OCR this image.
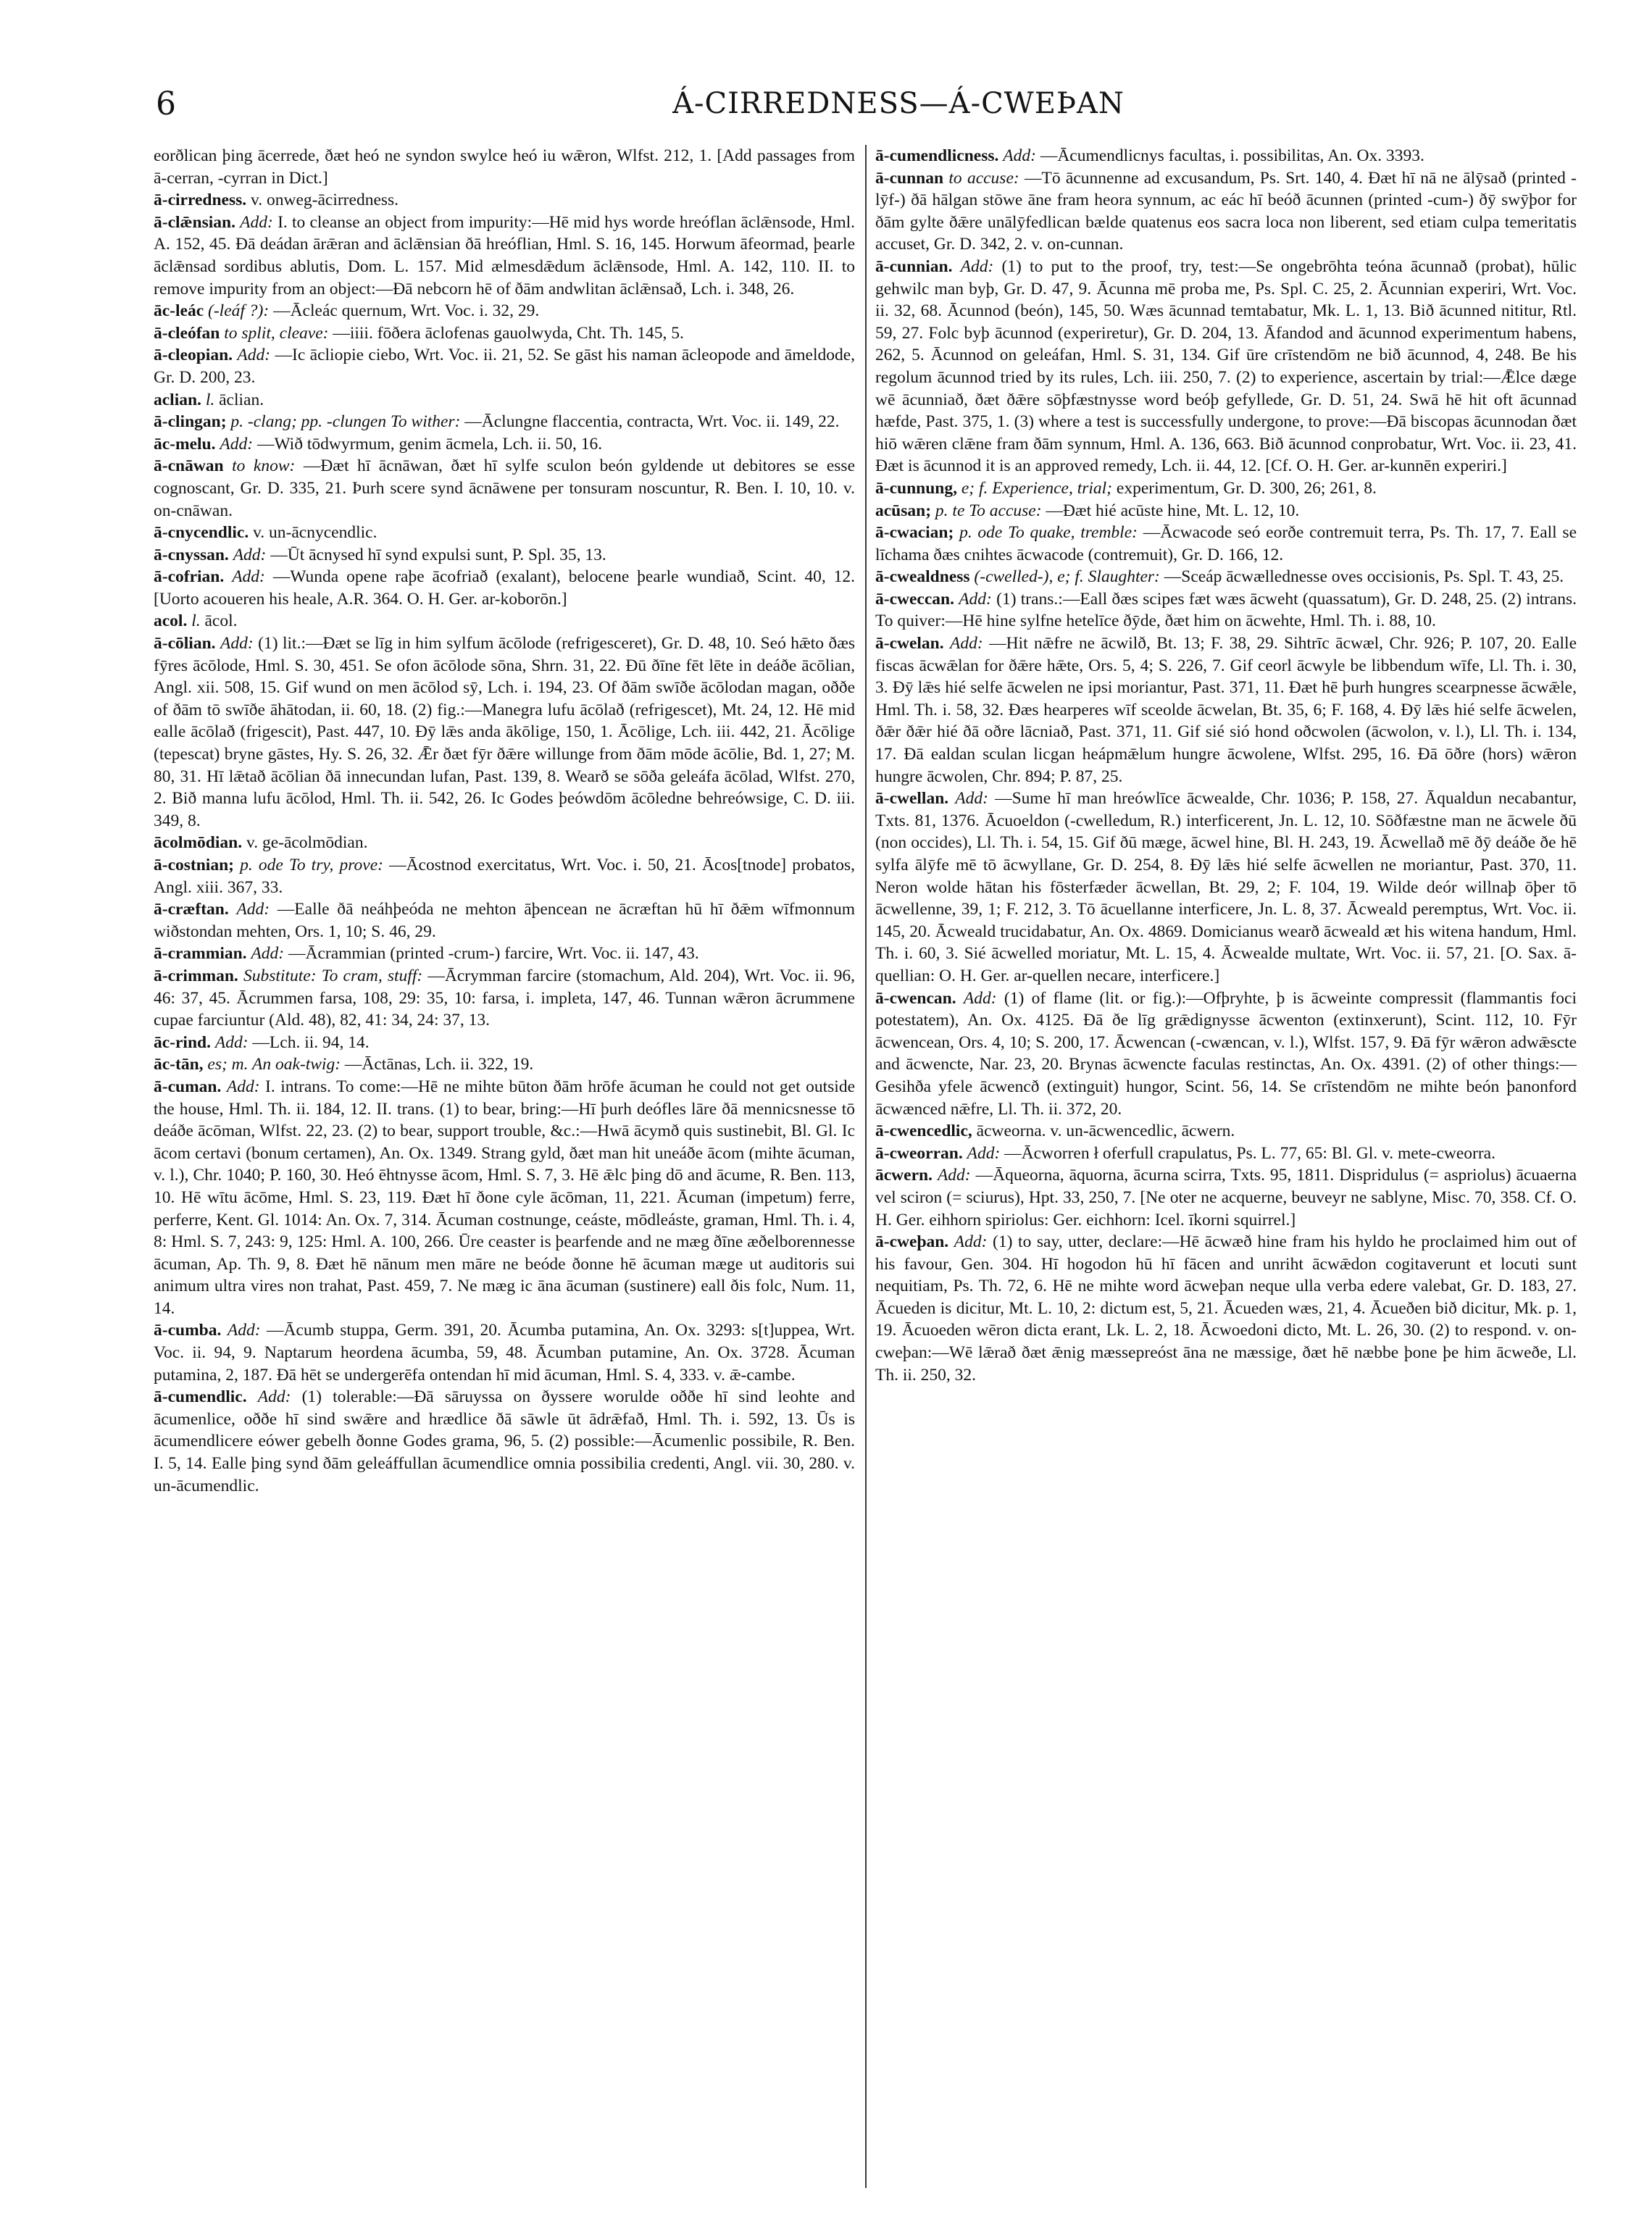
6	Á-CIRREDNESS—Á-CWEÞAN

eorðlican þing ācerrede, ðæt heó ne syndon swylce heó iu wǣron, Wlfst. 212, 1. [Add passages from ā-cerran, -cyrran in Dict.]

ā-cirredness. v. onweg-ācirredness.

ā-clǣnsian. Add: I. to cleanse an object from impurity:—Hē mid hys worde hreóflan āclǣnsode, Hml. A. 152, 45. Ðā deádan ārǣran and āclǣnsian ðā hreóflian, Hml. S. 16, 145. Horwum āfeormad, þearle āclǣnsad sordibus ablutis, Dom. L. 157. Mid ælmesdǣdum āclǣnsode, Hml. A. 142, 110. II. to remove impurity from an object:—Ðā nebcorn hē of ðām andwlitan āclǣnsað, Lch. i. 348, 26.

āc-leác (-leáf ?): —Ācleác quernum, Wrt. Voc. i. 32, 29.

ā-cleófan to split, cleave: —iiii. fōðera āclofenas gauolwyda, Cht. Th. 145, 5.

ā-cleopian. Add: —Ic ācliopie ciebo, Wrt. Voc. ii. 21, 52. Se gāst his naman ācleopode and āmeldode, Gr. D. 200, 23.

aclian. l. āclian.

ā-clingan; p. -clang; pp. -clungen To wither: —Āclungne flaccentia, contracta, Wrt. Voc. ii. 149, 22.

āc-melu. Add: —Wið tōdwyrmum, genim ācmela, Lch. ii. 50, 16.

ā-cnāwan to know: —Ðæt hī ācnāwan, ðæt hī sylfe sculon beón gyldende ut debitores se esse cognoscant, Gr. D. 335, 21. Þurh scere synd ācnāwene per tonsuram noscuntur, R. Ben. I. 10, 10. v. on-cnāwan.

ā-cnycendlic. v. un-ācnycendlic.

ā-cnyssan. Add: —Ūt ācnysed hī synd expulsi sunt, P. Spl. 35, 13.

ā-cofrian. Add: —Wunda opene raþe ācofriað (exalant), belocene þearle wundiað, Scint. 40, 12. [Uorto acoueren his heale, A.R. 364. O. H. Ger. ar-koborōn.]

acol. l. ācol.

ā-cōlian. Add: (1) lit.:—Ðæt se līg in him sylfum ācōlode (refrigesceret), Gr. D. 48, 10. Seó hǣto ðæs fȳres ācōlode, Hml. S. 30, 451. Se ofon ācōlode sōna, Shrn. 31, 22. Ðū ðīne fēt lēte in deáðe ācōlian, Angl. xii. 508, 15. Gif wund on men ācōlod sȳ, Lch. i. 194, 23. Of ðām swīðe ācōlodan magan, oððe of ðām tō swīðe āhātodan, ii. 60, 18. (2) fig.:—Manegra lufu ācōlað (refrigescet), Mt. 24, 12. Hē mid ealle ācōlað (frigescit), Past. 447, 10. Ðȳ lǣs anda ākōlige, 150, 1. Ācōlige, Lch. iii. 442, 21. Ācōlige (tepescat) bryne gāstes, Hy. S. 26, 32. Ǣr ðæt fȳr ðǣre willunge from ðām mōde ācōlie, Bd. 1, 27; M. 80, 31. Hī lǣtað ācōlian ðā innecundan lufan, Past. 139, 8. Wearð se sōða geleáfa ācōlad, Wlfst. 270, 2. Bið manna lufu ācōlod, Hml. Th. ii. 542, 26. Ic Godes þeówdōm ācōledne behreówsige, C. D. iii. 349, 8.

ācolmōdian. v. ge-ācolmōdian.

ā-costnian; p. ode To try, prove: —Ācostnod exercitatus, Wrt. Voc. i. 50, 21. Ācos[tnode] probatos, Angl. xiii. 367, 33.

ā-cræftan. Add: —Ealle ðā neáhþeóda ne mehton āþencean ne ācræftan hū hī ðǣm wīfmonnum wiðstondan mehten, Ors. 1, 10; S. 46, 29.

ā-crammian. Add: —Ācrammian (printed -crum-) farcire, Wrt. Voc. ii. 147, 43.

ā-crimman. Substitute: To cram, stuff: —Ācrymman farcire (stomachum, Ald. 204), Wrt. Voc. ii. 96, 46: 37, 45. Ācrummen farsa, 108, 29: 35, 10: farsa, i. impleta, 147, 46. Tunnan wǣron ācrummene cupae farciuntur (Ald. 48), 82, 41: 34, 24: 37, 13.

āc-rind. Add: —Lch. ii. 94, 14.

āc-tān, es; m. An oak-twig: —Āctānas, Lch. ii. 322, 19.

ā-cuman. Add: I. intrans. To come:—Hē ne mihte būton ðām hrōfe ācuman he could not get outside the house, Hml. Th. ii. 184, 12. II. trans. (1) to bear, bring:—Hī þurh deófles lāre ðā mennicsnesse tō deáðe ācōman, Wlfst. 22, 23. (2) to bear, support trouble, &c.:—Hwā ācymð quis sustinebit, Bl. Gl. Ic ācom certavi (bonum certamen), An. Ox. 1349. Strang gyld, ðæt man hit uneáðe ācom (mihte ācuman, v. l.), Chr. 1040; P. 160, 30. Heó ēhtnysse ācom, Hml. S. 7, 3. Hē ǣlc þing dō and ācume, R. Ben. 113, 10. Hē wītu ācōme, Hml. S. 23, 119. Ðæt hī ðone cyle ācōman, 11, 221. Ācuman (impetum) ferre, perferre, Kent. Gl. 1014: An. Ox. 7, 314. Ācuman costnunge, ceáste, mōdleáste, graman, Hml. Th. i. 4, 8: Hml. S. 7, 243: 9, 125: Hml. A. 100, 266. Ūre ceaster is þearfende and ne mæg ðīne æðelborennesse ācuman, Ap. Th. 9, 8. Ðæt hē nānum men māre ne beóde ðonne hē ācuman mæge ut auditoris sui animum ultra vires non trahat, Past. 459, 7. Ne mæg ic āna ācuman (sustinere) eall ðis folc, Num. 11, 14.

ā-cumba. Add: —Ācumb stuppa, Germ. 391, 20. Ācumba putamina, An. Ox. 3293: s[t]uppea, Wrt. Voc. ii. 94, 9. Naptarum heordena ācumba, 59, 48. Ācumban putamine, An. Ox. 3728. Ācuman putamina, 2, 187. Ðā hēt se undergerēfa ontendan hī mid ācuman, Hml. S. 4, 333. v. ǣ-cambe.

ā-cumendlic. Add: (1) tolerable:—Ðā sāruyssa on ðyssere worulde oððe hī sind leohte and ācumenlice, oððe hī sind swǣre and hrædlice ðā sāwle ūt ādrǣfað, Hml. Th. i. 592, 13. Ūs is ācumendlicere eówer gebelh ðonne Godes grama, 96, 5. (2) possible:—Ācumenlic possibile, R. Ben. I. 5, 14. Ealle þing synd ðām geleáffullan ācumendlice omnia possibilia credenti, Angl. vii. 30, 280. v. un-ācumendlic.

ā-cumendlicness. Add: —Ācumendlicnys facultas, i. possibilitas, An. Ox. 3393.

ā-cunnan to accuse: —Tō ācunnenne ad excusandum, Ps. Srt. 140, 4. Ðæt hī nā ne ālȳsað (printed -lȳf-) ðā hālgan stōwe āne fram heora synnum, ac eác hī beóð ācunnen (printed -cum-) ðȳ swȳþor for ðām gylte ðǣre unālȳfedlican bælde quatenus eos sacra loca non liberent, sed etiam culpa temeritatis accuset, Gr. D. 342, 2. v. on-cunnan.

ā-cunnian. Add: (1) to put to the proof, try, test:—Se ongebrōhta teóna ācunnað (probat), hūlic gehwilc man byþ, Gr. D. 47, 9. Ācunna mē proba me, Ps. Spl. C. 25, 2. Ācunnian experiri, Wrt. Voc. ii. 32, 68. Ācunnod (beón), 145, 50. Wæs ācunnad temtabatur, Mk. L. 1, 13. Bið ācunned nititur, Rtl. 59, 27. Folc byþ ācunnod (experiretur), Gr. D. 204, 13. Āfandod and ācunnod experimentum habens, 262, 5. Ācunnod on geleáfan, Hml. S. 31, 134. Gif ūre crīstendōm ne bið ācunnod, 4, 248. Be his regolum ācunnod tried by its rules, Lch. iii. 250, 7. (2) to experience, ascertain by trial:—Ǣlce dæge wē ācunniað, ðæt ðǣre sōþfæstnysse word beóþ gefyllede, Gr. D. 51, 24. Swā hē hit oft ācunnad hæfde, Past. 375, 1. (3) where a test is successfully undergone, to prove:—Ðā biscopas ācunnodan ðæt hiō wǣren clǣne fram ðām synnum, Hml. A. 136, 663. Bið ācunnod conprobatur, Wrt. Voc. ii. 23, 41. Ðæt is ācunnod it is an approved remedy, Lch. ii. 44, 12. [Cf. O. H. Ger. ar-kunnēn experiri.]

ā-cunnung, e; f. Experience, trial; experimentum, Gr. D. 300, 26; 261, 8.

acūsan; p. te To accuse: —Ðæt hié acūste hine, Mt. L. 12, 10.

ā-cwacian; p. ode To quake, tremble: —Ācwacode seó eorðe contremuit terra, Ps. Th. 17, 7. Eall se līchama ðæs cnihtes ācwacode (contremuit), Gr. D. 166, 12.

ā-cwealdness (-cwelled-), e; f. Slaughter: —Sceáp ācwællednesse oves occisionis, Ps. Spl. T. 43, 25.

ā-cweccan. Add: (1) trans.:—Eall ðæs scipes fæt wæs ācweht (quassatum), Gr. D. 248, 25. (2) intrans. To quiver:—Hē hine sylfne hetelīce ðȳde, ðæt him on ācwehte, Hml. Th. i. 88, 10.

ā-cwelan. Add: —Hit nǣfre ne ācwilð, Bt. 13; F. 38, 29. Sihtrīc ācwæl, Chr. 926; P. 107, 20. Ealle fiscas ācwǣlan for ðǣre hǣte, Ors. 5, 4; S. 226, 7. Gif ceorl ācwyle be libbendum wīfe, Ll. Th. i. 30, 3. Ðȳ lǣs hié selfe ācwelen ne ipsi moriantur, Past. 371, 11. Ðæt hē þurh hungres scearpnesse ācwǣle, Hml. Th. i. 58, 32. Ðæs hearperes wīf sceolde ācwelan, Bt. 35, 6; F. 168, 4. Ðȳ lǣs hié selfe ācwelen, ðǣr ðǣr hié ðā oðre lācniað, Past. 371, 11. Gif sié sió hond oðcwolen (ācwolon, v. l.), Ll. Th. i. 134, 17. Ðā ealdan sculan licgan heápmǣlum hungre ācwolene, Wlfst. 295, 16. Ðā ōðre (hors) wǣron hungre ācwolen, Chr. 894; P. 87, 25.

ā-cwellan. Add: —Sume hī man hreówlīce ācwealde, Chr. 1036; P. 158, 27. Āqualdun necabantur, Txts. 81, 1376. Ācuoeldon (-cwelledum, R.) interficerent, Jn. L. 12, 10. Sōðfæstne man ne ācwele ðū (non occides), Ll. Th. i. 54, 15. Gif ðū mæge, ācwel hine, Bl. H. 243, 19. Ācwellað mē ðȳ deáðe ðe hē sylfa ālȳfe mē tō ācwyllane, Gr. D. 254, 8. Ðȳ lǣs hié selfe ācwellen ne moriantur, Past. 370, 11. Neron wolde hātan his fōsterfæder ācwellan, Bt. 29, 2; F. 104, 19. Wilde deór willnaþ ōþer tō ācwellenne, 39, 1; F. 212, 3. Tō ācuellanne interficere, Jn. L. 8, 37. Ācweald peremptus, Wrt. Voc. ii. 145, 20. Ācweald trucidabatur, An. Ox. 4869. Domicianus wearð ācweald æt his witena handum, Hml. Th. i. 60, 3. Sié ācwelled moriatur, Mt. L. 15, 4. Ācwealde multate, Wrt. Voc. ii. 57, 21. [O. Sax. ā-quellian: O. H. Ger. ar-quellen necare, interficere.]

ā-cwencan. Add: (1) of flame (lit. or fig.):—Ofþryhte, þ is ācweinte compressit (flammantis foci potestatem), An. Ox. 4125. Ðā ðe līg grǣdignysse ācwenton (extinxerunt), Scint. 112, 10. Fȳr ācwencean, Ors. 4, 10; S. 200, 17. Ācwencan (-cwæncan, v. l.), Wlfst. 157, 9. Ðā fȳr wǣron adwǣscte and ācwencte, Nar. 23, 20. Brynas ācwencte faculas restinctas, An. Ox. 4391. (2) of other things:—Gesihða yfele ācwencð (extinguit) hungor, Scint. 56, 14. Se crīstendōm ne mihte beón þanonford ācwænced nǣfre, Ll. Th. ii. 372, 20.

ā-cwencedlic, ācweorna. v. un-ācwencedlic, ācwern.

ā-cweorran. Add: —Ācworren ł oferfull crapulatus, Ps. L. 77, 65: Bl. Gl. v. mete-cweorra.

ācwern. Add: —Āqueorna, āquorna, ācurna scirra, Txts. 95, 1811. Dispridulus (= aspriolus) ācuaerna vel sciron (= sciurus), Hpt. 33, 250, 7. [Ne oter ne acquerne, beuveyr ne sablyne, Misc. 70, 358. Cf. O. H. Ger. eihhorn spiriolus: Ger. eichhorn: Icel. īkorni squirrel.]

ā-cweþan. Add: (1) to say, utter, declare:—Hē ācwæð hine fram his hyldo he proclaimed him out of his favour, Gen. 304. Hī hogodon hū hī fācen and unriht ācwǣdon cogitaverunt et locuti sunt nequitiam, Ps. Th. 72, 6. Hē ne mihte word ācweþan neque ulla verba edere valebat, Gr. D. 183, 27. Ācueden is dicitur, Mt. L. 10, 2: dictum est, 5, 21. Ācueden wæs, 21, 4. Ācueðen bið dicitur, Mk. p. 1, 19. Ācuoeden wēron dicta erant, Lk. L. 2, 18. Ācwoedoni dicto, Mt. L. 26, 30. (2) to respond. v. on-cweþan:—Wē lǣrað ðæt ǣnig mæssepreóst āna ne mæssige, ðæt hē næbbe þone þe him ācweðe, Ll. Th. ii. 250, 32.
